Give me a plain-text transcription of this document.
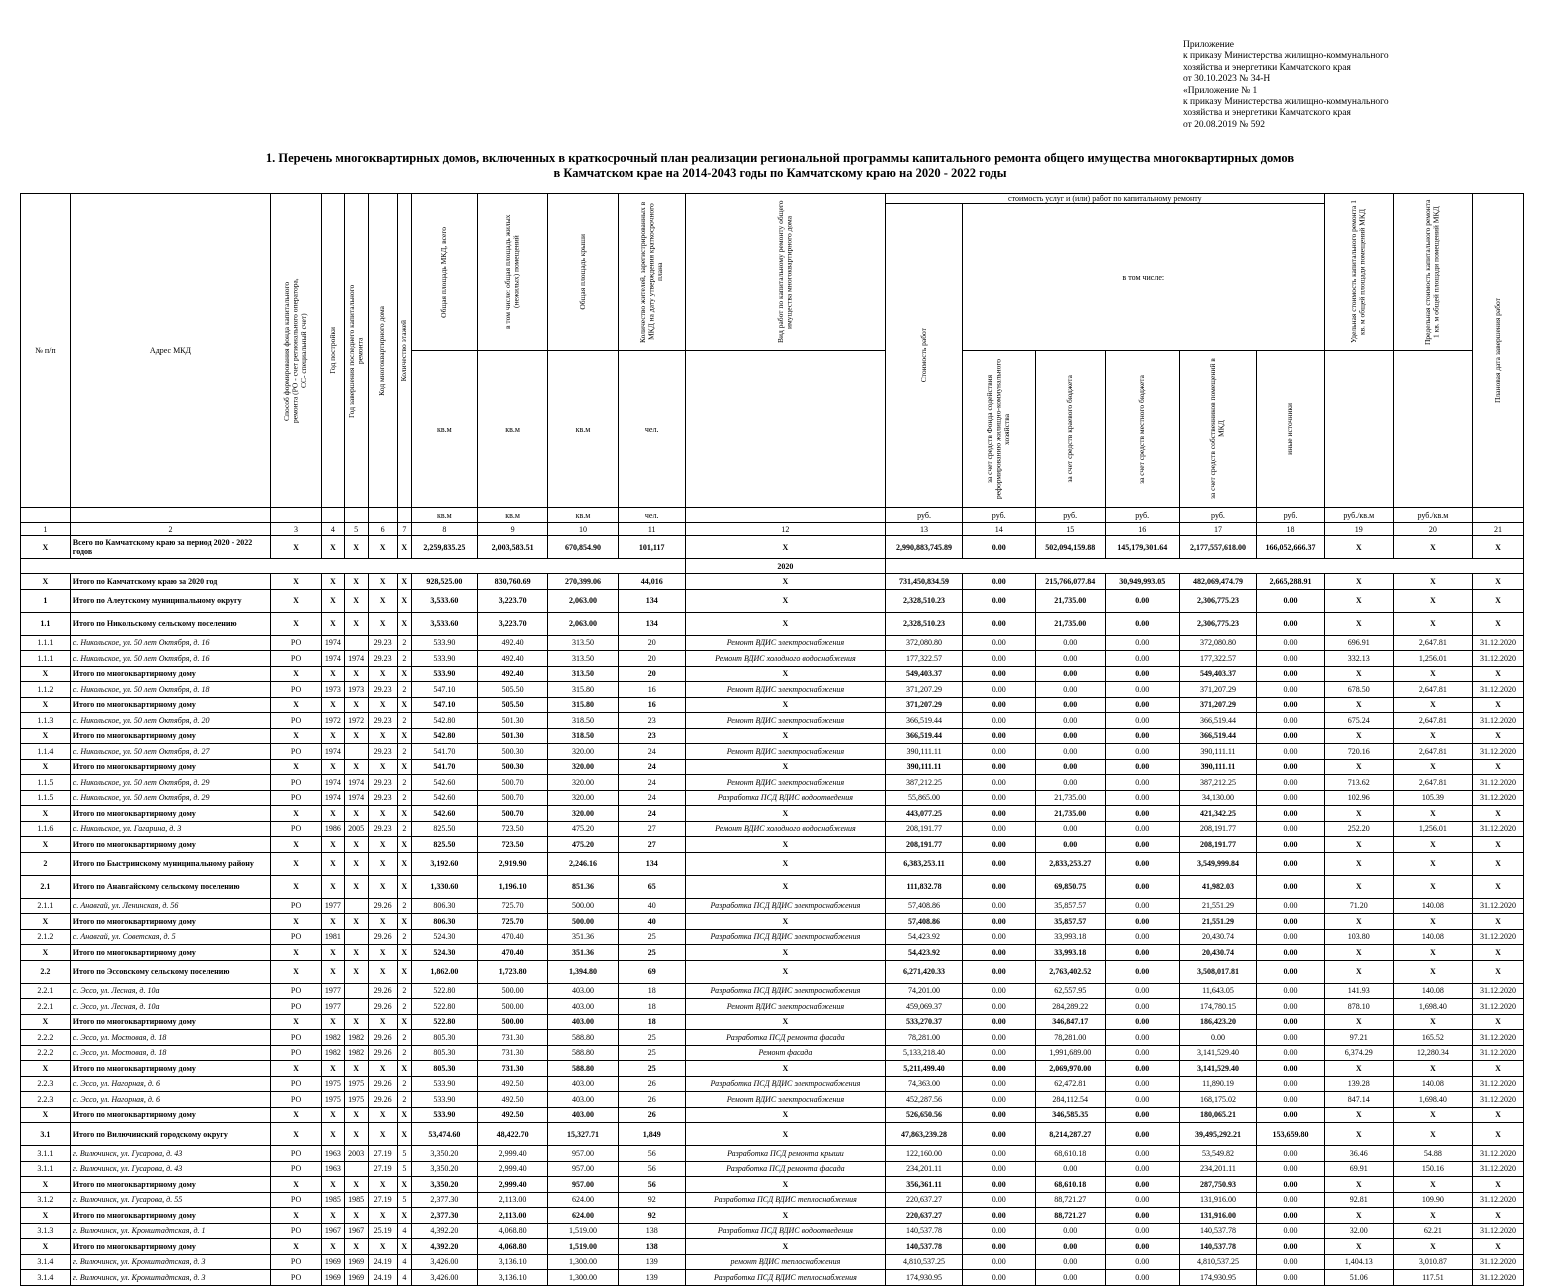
Приложение
к приказу Министерства жилищно-коммунального
хозяйства и энергетики Камчатского края
от 30.10.2023 № 34-Н
«Приложение № 1
к приказу Министерства жилищно-коммунального
хозяйства и энергетики Камчатского края
от 20.08.2019 № 592
1. Перечень многоквартирных домов, включенных в краткосрочный план реализации региональной программы капитального ремонта общего имущества многоквартирных домов
в Камчатском крае на 2014-2043 годы по Камчатскому краю на 2020 - 2022 годы
№ п/п	Адрес МКД	Способ формирования фонда капитального ремонта (РО - счет регионального оператора, СС- специальный счет)	Год постройки	Год завершения последнего капитального ремонта	Код многоквартирного дома	Количество этажей	Общая площадь МКД, всего	в том числе: общая площадь жилых (нежилых) помещений	Общая площадь крыши	Количество жителей, зарегистрированных в МКД на дату утверждения краткосрочного плана	Вид работ по капитальному ремонту общего имущества многоквартирного дома	стоимость услуг и (или) работ по капитальному ремонту						Удельная стоимость капитального ремонта 1 кв. м общей площади помещений МКД	Предельная стоимость капитального ремонта 1 кв. м общей площади помещений МКД	Плановая дата завершения работ

												Стоимость работ	в том числе:							
							кв.м	кв.м	кв.м	чел.			за счет средств Фонда содействия реформированию жилищно-коммунального хозяйства	за счет средств краевого бюджета	за счет средств местного бюджета	за счет средств собственников помещений в МКД	иные источники			

							кв.м	кв.м	кв.м	чел.		руб.	руб.	руб.	руб.	руб.	руб.	руб./кв.м	руб./кв.м	
1	2	3	4	5	6	7	8	9	10	11	12	13	14	15	16	17	18	19	20	21
X	Всего по Камчатскому краю за период 2020 - 2022 годов	X	X	X	X	X	2,259,835.25	2,003,583.51	670,854.90	101,117	X	2,990,883,745.89	0.00	502,094,159.88	145,179,301.64	2,177,557,618.00	166,052,666.37	X	X	X
											2020									
X	Итого по Камчатскому краю за 2020 год	X	X	X	X	X	928,525.00	830,760.69	270,399.06	44,016	X	731,450,834.59	0.00	215,766,077.84	30,949,993.05	482,069,474.79	2,665,288.91	X	X	X
1	Итого по Алеутскому муниципальному округу	X	X	X	X	X	3,533.60	3,223.70	2,063.00	134	X	2,328,510.23	0.00	21,735.00	0.00	2,306,775.23	0.00	X	X	X
1.1	Итого по Никольскому сельскому поселению	X	X	X	X	X	3,533.60	3,223.70	2,063.00	134	X	2,328,510.23	0.00	21,735.00	0.00	2,306,775.23	0.00	X	X	X
1.1.1	с. Никольское, ул. 50 лет Октября, д. 16	РО	1974		29.23	2	533.90	492.40	313.50	20	Ремонт ВДИС электроснабжения	372,080.80	0.00	0.00	0.00	372,080.80	0.00	696.91	2,647.81	31.12.2020
1.1.1	с. Никольское, ул. 50 лет Октября, д. 16	РО	1974	1974	29.23	2	533.90	492.40	313.50	20	Ремонт ВДИС холодного водоснабжения	177,322.57	0.00	0.00	0.00	177,322.57	0.00	332.13	1,256.01	31.12.2020
X	Итого по многоквартирному дому	X	X	X	X	X	533.90	492.40	313.50	20	X	549,403.37	0.00	0.00	0.00	549,403.37	0.00	X	X	X
1.1.2	с. Никольское, ул. 50 лет Октября, д. 18	РО	1973	1973	29.23	2	547.10	505.50	315.80	16	Ремонт ВДИС электроснабжения	371,207.29	0.00	0.00	0.00	371,207.29	0.00	678.50	2,647.81	31.12.2020
X	Итого по многоквартирному дому	X	X	X	X	X	547.10	505.50	315.80	16	X	371,207.29	0.00	0.00	0.00	371,207.29	0.00	X	X	X
1.1.3	с. Никольское, ул. 50 лет Октября, д. 20	РО	1972	1972	29.23	2	542.80	501.30	318.50	23	Ремонт ВДИС электроснабжения	366,519.44	0.00	0.00	0.00	366,519.44	0.00	675.24	2,647.81	31.12.2020
X	Итого по многоквартирному дому	X	X	X	X	X	542.80	501.30	318.50	23	X	366,519.44	0.00	0.00	0.00	366,519.44	0.00	X	X	X
1.1.4	с. Никольское, ул. 50 лет Октября, д. 27	РО	1974		29.23	2	541.70	500.30	320.00	24	Ремонт ВДИС электроснабжения	390,111.11	0.00	0.00	0.00	390,111.11	0.00	720.16	2,647.81	31.12.2020
X	Итого по многоквартирному дому	X	X	X	X	X	541.70	500.30	320.00	24	X	390,111.11	0.00	0.00	0.00	390,111.11	0.00	X	X	X
1.1.5	с. Никольское, ул. 50 лет Октября, д. 29	РО	1974	1974	29.23	2	542.60	500.70	320.00	24	Ремонт ВДИС электроснабжения	387,212.25	0.00	0.00	0.00	387,212.25	0.00	713.62	2,647.81	31.12.2020
1.1.5	с. Никольское, ул. 50 лет Октября, д. 29	РО	1974	1974	29.23	2	542.60	500.70	320.00	24	Разработка ПСД ВДИС водоотведения	55,865.00	0.00	21,735.00	0.00	34,130.00	0.00	102.96	105.39	31.12.2020
X	Итого по многоквартирному дому	X	X	X	X	X	542.60	500.70	320.00	24	X	443,077.25	0.00	21,735.00	0.00	421,342.25	0.00	X	X	X
1.1.6	с. Никольское, ул. Гагарина, д. 3	РО	1986	2005	29.23	2	825.50	723.50	475.20	27	Ремонт ВДИС холодного водоснабжения	208,191.77	0.00	0.00	0.00	208,191.77	0.00	252.20	1,256.01	31.12.2020
X	Итого по многоквартирному дому	X	X	X	X	X	825.50	723.50	475.20	27	X	208,191.77	0.00	0.00	0.00	208,191.77	0.00	X	X	X
2	Итого по Быстринскому муниципальному району	X	X	X	X	X	3,192.60	2,919.90	2,246.16	134	X	6,383,253.11	0.00	2,833,253.27	0.00	3,549,999.84	0.00	X	X	X
2.1	Итого по Анавгайскому сельскому поселению	X	X	X	X	X	1,330.60	1,196.10	851.36	65	X	111,832.78	0.00	69,850.75	0.00	41,982.03	0.00	X	X	X
2.1.1	с. Анавгай, ул. Ленинская, д. 56	РО	1977		29.26	2	806.30	725.70	500.00	40	Разработка ПСД ВДИС электроснабжения	57,408.86	0.00	35,857.57	0.00	21,551.29	0.00	71.20	140.08	31.12.2020
X	Итого по многоквартирному дому	X	X	X	X	X	806.30	725.70	500.00	40	X	57,408.86	0.00	35,857.57	0.00	21,551.29	0.00	X	X	X
2.1.2	с. Анавгай, ул. Советская, д. 5	РО	1981		29.26	2	524.30	470.40	351.36	25	Разработка ПСД ВДИС электроснабжения	54,423.92	0.00	33,993.18	0.00	20,430.74	0.00	103.80	140.08	31.12.2020
X	Итого по многоквартирному дому	X	X	X	X	X	524.30	470.40	351.36	25	X	54,423.92	0.00	33,993.18	0.00	20,430.74	0.00	X	X	X
2.2	Итого по Эссовскому сельскому поселению	X	X	X	X	X	1,862.00	1,723.80	1,394.80	69	X	6,271,420.33	0.00	2,763,402.52	0.00	3,508,017.81	0.00	X	X	X
2.2.1	с. Эссо, ул. Лесная, д. 10а	РО	1977		29.26	2	522.80	500.00	403.00	18	Разработка ПСД ВДИС электроснабжения	74,201.00	0.00	62,557.95	0.00	11,643.05	0.00	141.93	140.08	31.12.2020
2.2.1	с. Эссо, ул. Лесная, д. 10а	РО	1977		29.26	2	522.80	500.00	403.00	18	Ремонт ВДИС электроснабжения	459,069.37	0.00	284,289.22	0.00	174,780.15	0.00	878.10	1,698.40	31.12.2020
X	Итого по многоквартирному дому	X	X	X	X	X	522.80	500.00	403.00	18	X	533,270.37	0.00	346,847.17	0.00	186,423.20	0.00	X	X	X
2.2.2	с. Эссо, ул. Мостовая, д. 18	РО	1982	1982	29.26	2	805.30	731.30	588.80	25	Разработка ПСД ремонта фасада	78,281.00	0.00	78,281.00	0.00	0.00	0.00	97.21	165.52	31.12.2020
2.2.2	с. Эссо, ул. Мостовая, д. 18	РО	1982	1982	29.26	2	805.30	731.30	588.80	25	Ремонт фасада	5,133,218.40	0.00	1,991,689.00	0.00	3,141,529.40	0.00	6,374.29	12,280.34	31.12.2020
X	Итого по многоквартирному дому	X	X	X	X	X	805.30	731.30	588.80	25	X	5,211,499.40	0.00	2,069,970.00	0.00	3,141,529.40	0.00	X	X	X
2.2.3	с. Эссо, ул. Нагорная, д. 6	РО	1975	1975	29.26	2	533.90	492.50	403.00	26	Разработка ПСД ВДИС электроснабжения	74,363.00	0.00	62,472.81	0.00	11,890.19	0.00	139.28	140.08	31.12.2020
2.2.3	с. Эссо, ул. Нагорная, д. 6	РО	1975	1975	29.26	2	533.90	492.50	403.00	26	Ремонт ВДИС электроснабжения	452,287.56	0.00	284,112.54	0.00	168,175.02	0.00	847.14	1,698.40	31.12.2020
X	Итого по многоквартирному дому	X	X	X	X	X	533.90	492.50	403.00	26	X	526,650.56	0.00	346,585.35	0.00	180,065.21	0.00	X	X	X
3.1	Итого по Вилючинский городскому округу	X	X	X	X	X	53,474.60	48,422.70	15,327.71	1,849	X	47,863,239.28	0.00	8,214,287.27	0.00	39,495,292.21	153,659.80	X	X	X
3.1.1	г. Вилючинск, ул. Гусарова, д. 43	РО	1963	2003	27.19	5	3,350.20	2,999.40	957.00	56	Разработка ПСД ремонта крыши	122,160.00	0.00	68,610.18	0.00	53,549.82	0.00	36.46	54.88	31.12.2020
3.1.1	г. Вилючинск, ул. Гусарова, д. 43	РО	1963		27.19	5	3,350.20	2,999.40	957.00	56	Разработка ПСД ремонта фасада	234,201.11	0.00	0.00	0.00	234,201.11	0.00	69.91	150.16	31.12.2020
X	Итого по многоквартирному дому	X	X	X	X	X	3,350.20	2,999.40	957.00	56	X	356,361.11	0.00	68,610.18	0.00	287,750.93	0.00	X	X	X
3.1.2	г. Вилючинск, ул. Гусарова, д. 55	РО	1985	1985	27.19	5	2,377.30	2,113.00	624.00	92	Разработка ПСД ВДИС теплоснабжения	220,637.27	0.00	88,721.27	0.00	131,916.00	0.00	92.81	109.90	31.12.2020
X	Итого по многоквартирному дому	X	X	X	X	X	2,377.30	2,113.00	624.00	92	X	220,637.27	0.00	88,721.27	0.00	131,916.00	0.00	X	X	X
3.1.3	г. Вилючинск, ул. Кронштадтская, д. 1	РО	1967	1967	25.19	4	4,392.20	4,068.80	1,519.00	138	Разработка ПСД ВДИС водоотведения	140,537.78	0.00	0.00	0.00	140,537.78	0.00	32.00	62.21	31.12.2020
X	Итого по многоквартирному дому	X	X	X	X	X	4,392.20	4,068.80	1,519.00	138	X	140,537.78	0.00	0.00	0.00	140,537.78	0.00	X	X	X
3.1.4	г. Вилючинск, ул. Кронштадтская, д. 3	РО	1969	1969	24.19	4	3,426.00	3,136.10	1,300.00	139	ремонт ВДИС теплоснабжения	4,810,537.25	0.00	0.00	0.00	4,810,537.25	0.00	1,404.13	3,010.87	31.12.2020
3.1.4	г. Вилючинск, ул. Кронштадтская, д. 3	РО	1969	1969	24.19	4	3,426.00	3,136.10	1,300.00	139	Разработка ПСД ВДИС теплоснабжения	174,930.95	0.00	0.00	0.00	174,930.95	0.00	51.06	117.51	31.12.2020
